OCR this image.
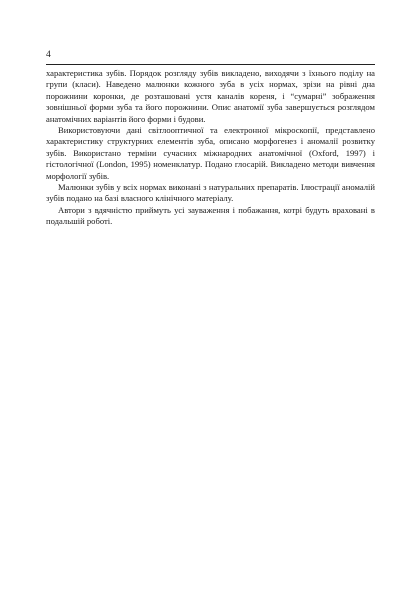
4

характеристика зубів. Порядок розгляду зубів викладено, виходячи з їхнього поділу на групи (класи). Наведено малюнки кожного зуба в усіх нормах, зрізи на рівні дна порожнини коронки, де розташовані устя каналів кореня, і “сумарні” зображення зовнішньої форми зуба та його порожнини. Опис анатомії зуба завершується розглядом анатомічних варіантів його форми і будови.

Використовуючи дані світлооптичної та електронної мікроскопії, представлено характеристику структурних елементів зуба, описано морфогенез і аномалії розвитку зубів. Використано терміни сучасних міжнародних анатомічної (Oxford, 1997) і гістологічної (London, 1995) номенклатур. Подано глосарій. Викладено методи вивчення морфології зубів.

Малюнки зубів у всіх нормах виконані з натуральних препаратів. Ілюстрації аномалій зубів подано на базі власного клінічного матеріалу.

Автори з вдячністю приймуть усі зауваження і побажання, котрі будуть враховані в подальшій роботі.
